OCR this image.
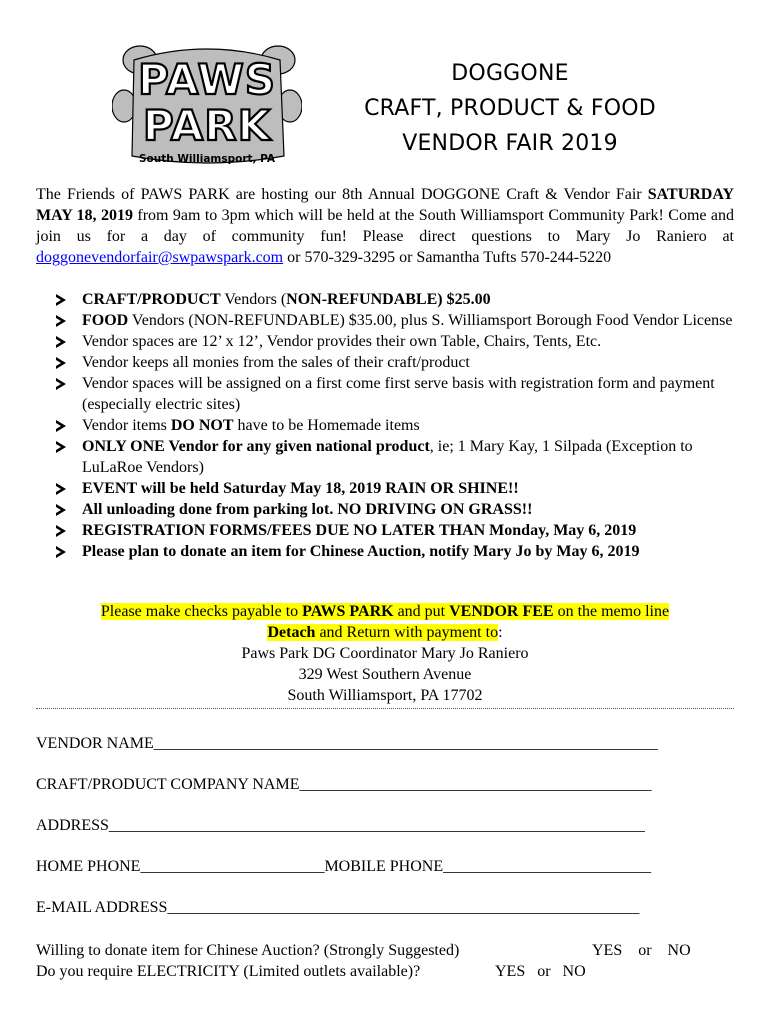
PAWS
PARK
South Williamsport, PA
DOGGONE
CRAFT, PRODUCT & FOOD
VENDOR FAIR 2019
The Friends of PAWS PARK are hosting our 8th Annual DOGGONE Craft & Vendor Fair SATURDAY MAY 18, 2019 from 9am to 3pm which will be held at the South Williamsport Community Park! Come and join us for a day of community fun! Please direct questions to Mary Jo Raniero at doggonevendorfair@swpawspark.com or 570-329-3295 or Samantha Tufts 570-244-5220
CRAFT/PRODUCT Vendors (NON-REFUNDABLE) $25.00
FOOD Vendors (NON-REFUNDABLE) $35.00, plus S. Williamsport Borough Food Vendor License
Vendor spaces are 12’ x 12’, Vendor provides their own Table, Chairs, Tents, Etc.
Vendor keeps all monies from the sales of their craft/product
Vendor spaces will be assigned on a first come first serve basis with registration form and payment (especially electric sites)
Vendor items DO NOT have to be Homemade items
ONLY ONE Vendor for any given national product, ie; 1 Mary Kay, 1 Silpada (Exception to LuLaRoe Vendors)
EVENT will be held Saturday May 18, 2019 RAIN OR SHINE!!
All unloading done from parking lot. NO DRIVING ON GRASS!!
REGISTRATION FORMS/FEES DUE NO LATER THAN Monday, May 6, 2019
Please plan to donate an item for Chinese Auction, notify Mary Jo by May 6, 2019
Please make checks payable to PAWS PARK and put VENDOR FEE on the memo line
Detach and Return with payment to:
Paws Park DG Coordinator Mary Jo Raniero
329 West Southern Avenue
South Williamsport, PA 17702
VENDOR NAME_______________________________________________________________
CRAFT/PRODUCT COMPANY NAME____________________________________________
ADDRESS___________________________________________________________________
HOME PHONE_______________________MOBILE PHONE__________________________
E-MAIL ADDRESS___________________________________________________________
Willing to donate item for Chinese Auction? (Strongly Suggested)	YES    or    NO
Do you require ELECTRICITY (Limited outlets available)?	YES   or   NO
